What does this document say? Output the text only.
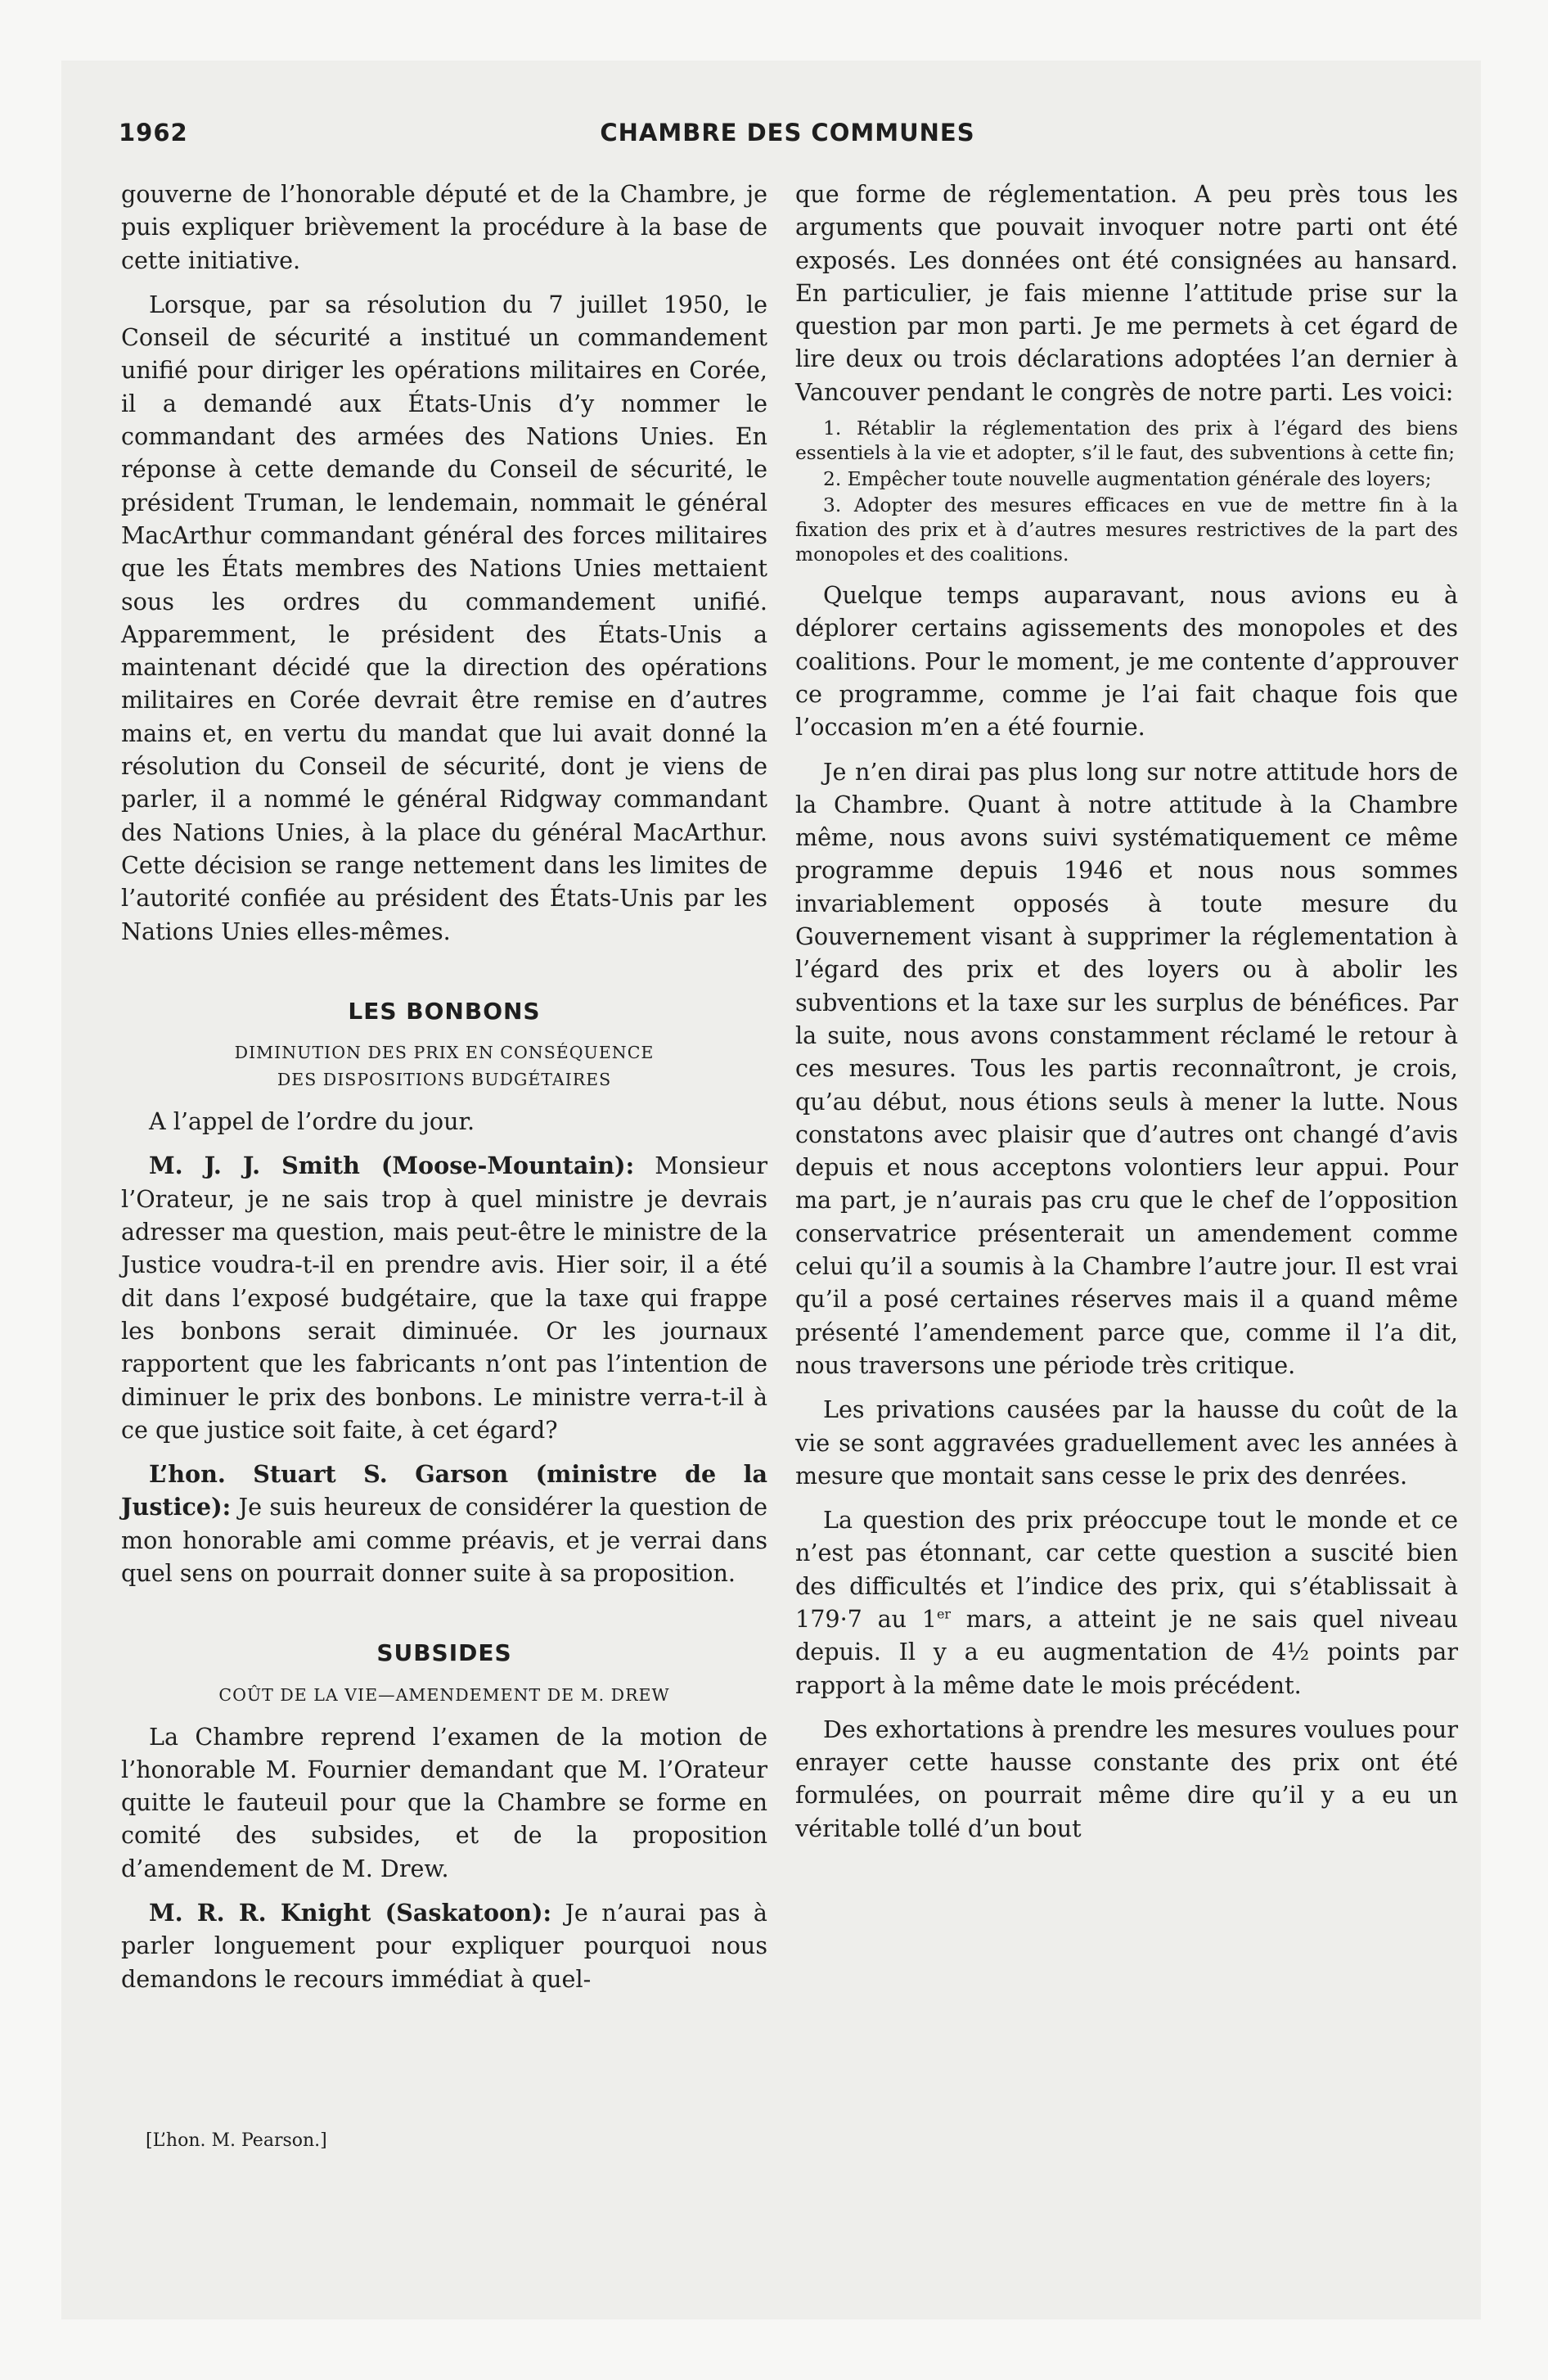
1962	CHAMBRE DES COMMUNES

gouverne de l’honorable député et de la Chambre, je puis expliquer brièvement la procédure à la base de cette initiative.

Lorsque, par sa résolution du 7 juillet 1950, le Conseil de sécurité a institué un commandement unifié pour diriger les opérations militaires en Corée, il a demandé aux États-Unis d’y nommer le commandant des armées des Nations Unies. En réponse à cette demande du Conseil de sécurité, le président Truman, le lendemain, nommait le général MacArthur commandant général des forces militaires que les États membres des Nations Unies mettaient sous les ordres du commandement unifié. Apparemment, le président des États-Unis a maintenant décidé que la direction des opérations militaires en Corée devrait être remise en d’autres mains et, en vertu du mandat que lui avait donné la résolution du Conseil de sécurité, dont je viens de parler, il a nommé le général Ridgway commandant des Nations Unies, à la place du général MacArthur. Cette décision se range nettement dans les limites de l’autorité confiée au président des États-Unis par les Nations Unies elles-mêmes.

LES BONBONS
DIMINUTION DES PRIX EN CONSÉQUENCE
DES DISPOSITIONS BUDGÉTAIRES

A l’appel de l’ordre du jour.

M. J. J. Smith (Moose-Mountain): Monsieur l’Orateur, je ne sais trop à quel ministre je devrais adresser ma question, mais peut-être le ministre de la Justice voudra-t-il en prendre avis. Hier soir, il a été dit dans l’exposé budgétaire, que la taxe qui frappe les bonbons serait diminuée. Or les journaux rapportent que les fabricants n’ont pas l’intention de diminuer le prix des bonbons. Le ministre verra-t-il à ce que justice soit faite, à cet égard?

L’hon. Stuart S. Garson (ministre de la Justice): Je suis heureux de considérer la question de mon honorable ami comme préavis, et je verrai dans quel sens on pourrait donner suite à sa proposition.

SUBSIDES
COÛT DE LA VIE—AMENDEMENT DE M. DREW

La Chambre reprend l’examen de la motion de l’honorable M. Fournier demandant que M. l’Orateur quitte le fauteuil pour que la Chambre se forme en comité des subsides, et de la proposition d’amendement de M. Drew.

M. R. R. Knight (Saskatoon): Je n’aurai pas à parler longuement pour expliquer pourquoi nous demandons le recours immédiat à quel-

que forme de réglementation. A peu près tous les arguments que pouvait invoquer notre parti ont été exposés. Les données ont été consignées au hansard. En particulier, je fais mienne l’attitude prise sur la question par mon parti. Je me permets à cet égard de lire deux ou trois déclarations adoptées l’an dernier à Vancouver pendant le congrès de notre parti. Les voici:

1. Rétablir la réglementation des prix à l’égard des biens essentiels à la vie et adopter, s’il le faut, des subventions à cette fin;

2. Empêcher toute nouvelle augmentation générale des loyers;

3. Adopter des mesures efficaces en vue de mettre fin à la fixation des prix et à d’autres mesures restrictives de la part des monopoles et des coalitions.

Quelque temps auparavant, nous avions eu à déplorer certains agissements des monopoles et des coalitions. Pour le moment, je me contente d’approuver ce programme, comme je l’ai fait chaque fois que l’occasion m’en a été fournie.

Je n’en dirai pas plus long sur notre attitude hors de la Chambre. Quant à notre attitude à la Chambre même, nous avons suivi systématiquement ce même programme depuis 1946 et nous nous sommes invariablement opposés à toute mesure du Gouvernement visant à supprimer la réglementation à l’égard des prix et des loyers ou à abolir les subventions et la taxe sur les surplus de bénéfices. Par la suite, nous avons constamment réclamé le retour à ces mesures. Tous les partis reconnaîtront, je crois, qu’au début, nous étions seuls à mener la lutte. Nous constatons avec plaisir que d’autres ont changé d’avis depuis et nous acceptons volontiers leur appui. Pour ma part, je n’aurais pas cru que le chef de l’opposition conservatrice présenterait un amendement comme celui qu’il a soumis à la Chambre l’autre jour. Il est vrai qu’il a posé certaines réserves mais il a quand même présenté l’amendement parce que, comme il l’a dit, nous traversons une période très critique.

Les privations causées par la hausse du coût de la vie se sont aggravées graduellement avec les années à mesure que montait sans cesse le prix des denrées.

La question des prix préoccupe tout le monde et ce n’est pas étonnant, car cette question a suscité bien des difficultés et l’indice des prix, qui s’établissait à 179·7 au 1er mars, a atteint je ne sais quel niveau depuis. Il y a eu augmentation de 4½ points par rapport à la même date le mois précédent.

Des exhortations à prendre les mesures voulues pour enrayer cette hausse constante des prix ont été formulées, on pourrait même dire qu’il y a eu un véritable tollé d’un bout

[L’hon. M. Pearson.]
